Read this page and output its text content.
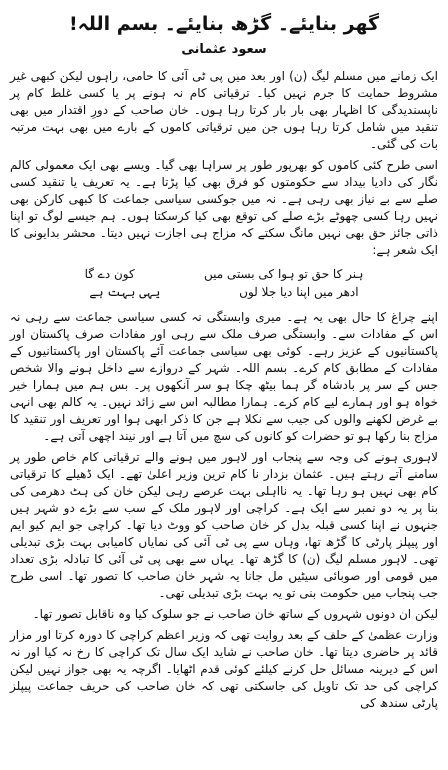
گھر بنایئے۔ گڑھ بنایئے۔ بسم اللہ!
سعود عثمانی

ایک زمانے میں مسلم لیگ (ن) اور بعد میں پی ٹی آئی کا حامی، راہوں لیکن کبھی غیر مشروط حمایت کا جرم نہیں کیا۔ ترقیاتی کام نہ ہونے پر یا کسی غلط کام پر ناپسندیدگی کا اظہار بھی بار بار کرتا رہا ہوں۔ خان صاحب کے دورِ اقتدار میں بھی تنقید میں شامل کرتا رہا ہوں جن میں ترقیاتی کاموں کے بارے میں بھی بہت مرتبہ بات کی گئی۔

اسی طرح کئی کاموں کو بھرپور طور پر سراہا بھی گیا۔ ویسے بھی ایک معمولی کالم نگار کی دادیا بیداد سے حکومتوں کو فرق بھی کیا پڑتا ہے۔ یہ تعریف یا تنقید کسی صلے سے بے نیاز بھی رہی ہے۔ نہ میں جوکسی سیاسی جماعت کا کبھی کارکن بھی نہیں رہا کسی چھوٹے بڑے صلے کی توقع بھی کیا کرسکتا ہوں۔ ہم جیسے لوگ تو اپنا ذاتی جائز حق بھی نہیں مانگ سکتے کہ مزاج ہی اجازت نہیں دیتا۔ محشر بدایونی کا ایک شعر ہے:

ہنر کا حق تو ہوا کی بستی میں
کون دے گا
ادھر میں اپنا دیا جلا لوں
یہی بہت ہے

اپنے چراغ کا حال بھی یہ ہے۔ میری وابستگی نہ کسی سیاسی جماعت سے رہی نہ اس کے مفادات سے۔ وابستگی صرف ملک سے رہی اور مفادات صرف پاکستان اور پاکستانیوں کے عزیز رہے۔ کوئی بھی سیاسی جماعت آئے پاکستان اور پاکستانیوں کے مفادات کے مطابق کام کرے۔ بسم اللہ۔ شہر کے دروازے سے داخل ہونے والا شخص جس کے سر پر بادشاہ گر ہما بیٹھ چکا ہو سر آنکھوں پر۔ بس ہم میں ہمارا خیر خواہ ہو اور ہمارے لیے کام کرے۔ ہمارا مطالبہ اس سے زائد نہیں۔ یہ کالم بھی انہی بے غرض لکھنے والوں کی جیب سے نکلا ہے جن کا ذکر ابھی ہوا اور تعریف اور تنقید کا مزاج بنا رکھا ہو تو حضرات کو کانوں کی سچ میں آتا ہے اور نیند اچھی آتی ہے۔

لاہوری ہونے کی وجہ سے پنجاب اور لاہور میں ہونے والے ترقیاتی کام خاص طور پر سامنے آتے رہتے ہیں۔ عثمان بزدار نا کام ترین وزیر اعلیٰ تھے۔ ایک ڈھیلے کا ترقیاتی کام بھی نہیں ہو رہا تھا۔ یہ نااہلی بہت عرصے رہی لیکن خان کی ہٹ دھرمی کی بنا پر یہ دو نمبر سے ایک ہے۔ کراچی اور لاہور ملک کے سب سے بڑے دو شہر ہیں جنہوں نے اپنا کسی قبلہ بدل کر خان صاحب کو ووٹ دیا تھا۔ کراچی جو ایم کیو ایم اور پیپلز پارٹی کا گڑھ تھا، وہاں سے پی ٹی آئی کی نمایاں کامیابی بہت بڑی تبدیلی تھی۔ لاہور مسلم لیگ (ن) کا گڑھ تھا۔ یہاں سے بھی پی ٹی آئی کا تبادلہ بڑی تعداد میں قومی اور صوبائی سیٹیں مل جانا یہ شہر خان صاحب کا تصور تھا۔ اسی طرح جب پنجاب میں حکومت بنی تو یہ بہت بڑی تبدیلی تھی۔

لیکن ان دونوں شہروں کے ساتھ خان صاحب نے جو سلوک کیا وہ ناقابل تصور تھا۔

وزارت عظمیٰ کے حلف کے بعد روایت تھی کہ وزیر اعظم کراچی کا دورہ کرتا اور مزار قائد پر حاضری دیتا تھا۔ خان صاحب نے شاید ایک سال تک کراچی کا رخ نہ کیا اور نہ اس کے دیرینہ مسائل حل کرنے کیلئے کوئی قدم اٹھایا۔ اگرچہ یہ بھی جواز نہیں لیکن کراچی کی حد تک تاویل کی جاسکتی تھی کہ خان صاحب کی حریف جماعت پیپلز پارٹی سندھ کی
